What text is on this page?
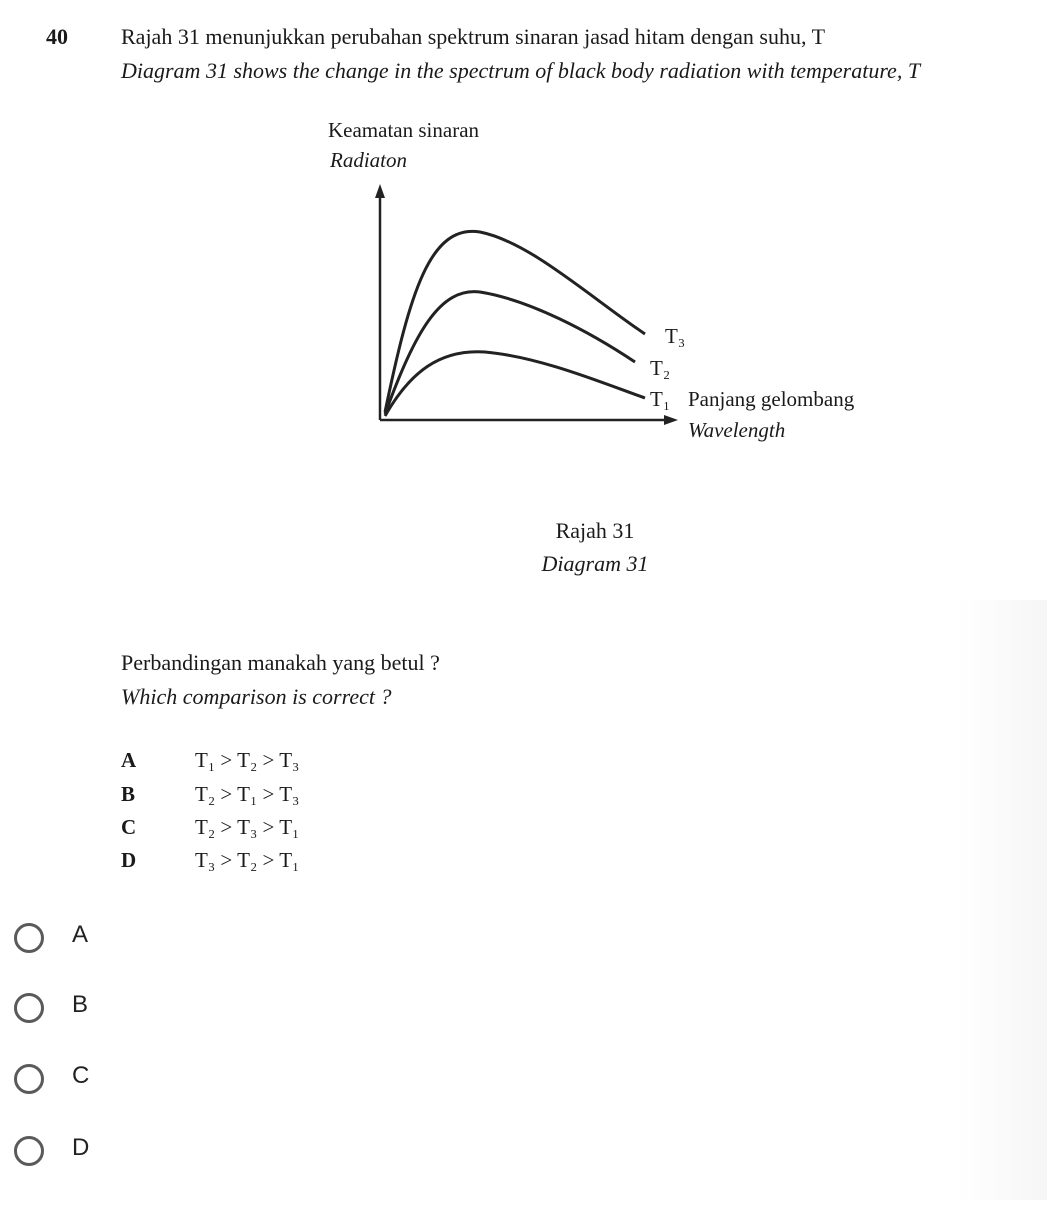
40 Rajah 31 menunjukkan perubahan spektrum sinaran jasad hitam dengan suhu, T
Diagram 31 shows the change in the spectrum of black body radiation with temperature, T
Keamatan sinaran
Radiaton
T₃
T₂
T₁ Panjang gelombang
Wavelength
Rajah 31
Diagram 31
Perbandingan manakah yang betul ?
Which comparison is correct ?
A	T₁ > T₂ > T₃
B	T₂ > T₁ > T₃
C	T₂ > T₃ > T₁
D	T₃ > T₂ > T₁
A
B
C
D
